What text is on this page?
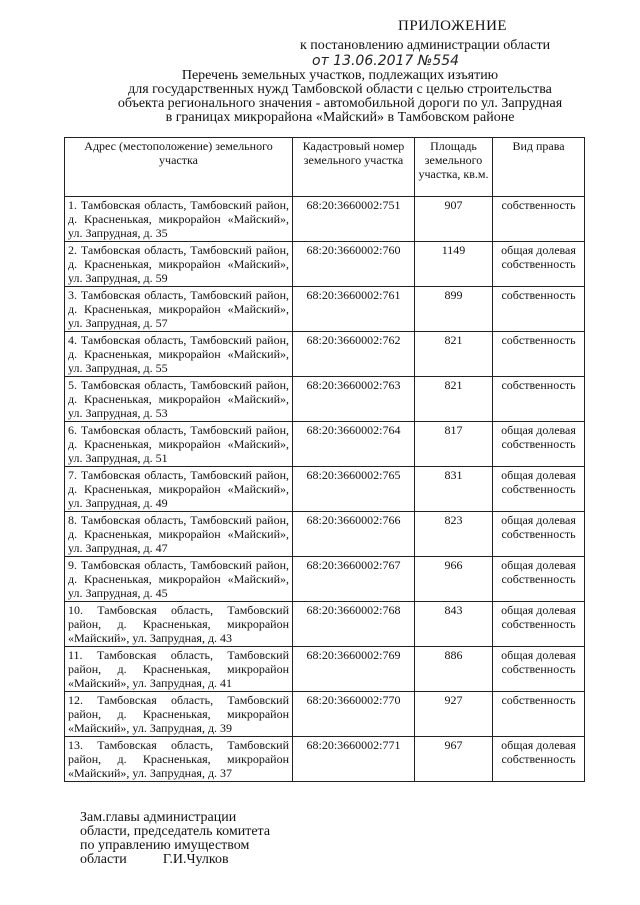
ПРИЛОЖЕНИЕ
к постановлению администрации области
от 13.06.2017 №554
Перечень земельных участков, подлежащих изъятию
для государственных нужд Тамбовской области с целью строительства
объекта регионального значения - автомобильной дороги по ул. Запрудная
в границах микрорайона «Майский» в Тамбовском районе
Адрес (местоположение) земельного участка	Кадастровый номер земельного участка	Площадь земельного участка, кв.м.	Вид права
1. Тамбовская область, Тамбовский район, д. Красненькая, микрорайон «Майский», ул. Запрудная, д. 35	68:20:3660002:751	907	собственность
2. Тамбовская область, Тамбовский район, д. Красненькая, микрорайон «Майский», ул. Запрудная, д. 59	68:20:3660002:760	1149	общая долевая собственность
3. Тамбовская область, Тамбовский район, д. Красненькая, микрорайон «Майский», ул. Запрудная, д. 57	68:20:3660002:761	899	собственность
4. Тамбовская область, Тамбовский район, д. Красненькая, микрорайон «Майский», ул. Запрудная, д. 55	68:20:3660002:762	821	собственность
5. Тамбовская область, Тамбовский район, д. Красненькая, микрорайон «Майский», ул. Запрудная, д. 53	68:20:3660002:763	821	собственность
6. Тамбовская область, Тамбовский район, д. Красненькая, микрорайон «Майский», ул. Запрудная, д. 51	68:20:3660002:764	817	общая долевая собственность
7. Тамбовская область, Тамбовский район, д. Красненькая, микрорайон «Майский», ул. Запрудная, д. 49	68:20:3660002:765	831	общая долевая собственность
8. Тамбовская область, Тамбовский район, д. Красненькая, микрорайон «Майский», ул. Запрудная, д. 47	68:20:3660002:766	823	общая долевая собственность
9. Тамбовская область, Тамбовский район, д. Красненькая, микрорайон «Майский», ул. Запрудная, д. 45	68:20:3660002:767	966	общая долевая собственность
10. Тамбовская область, Тамбовский район, д. Красненькая, микрорайон «Майский», ул. Запрудная, д. 43	68:20:3660002:768	843	общая долевая собственность
11. Тамбовская область, Тамбовский район, д. Красненькая, микрорайон «Майский», ул. Запрудная, д. 41	68:20:3660002:769	886	общая долевая собственность
12. Тамбовская область, Тамбовский район, д. Красненькая, микрорайон «Майский», ул. Запрудная, д. 39	68:20:3660002:770	927	собственность
13. Тамбовская область, Тамбовский район, д. Красненькая, микрорайон «Майский», ул. Запрудная, д. 37	68:20:3660002:771	967	общая долевая собственность
Зам.главы администрации
области, председатель комитета
по управлению имуществом
области	Г.И.Чулков
